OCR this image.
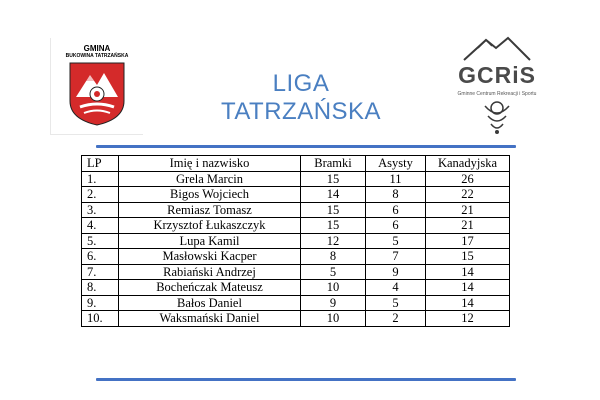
GMINA
BUKOWINA TATRZAŃSKA
LIGA TATRZAŃSKA
GCRiS
Gminne Centrum Rekreacji i Sportu
LP	Imię i nazwisko	Bramki	Asysty	Kanadyjska
1.	Grela Marcin	15	11	26
2.	Bigos Wojciech	14	8	22
3.	Remiasz Tomasz	15	6	21
4.	Krzysztof Łukaszczyk	15	6	21
5.	Lupa Kamil	12	5	17
6.	Masłowski Kacper	8	7	15
7.	Rabiański Andrzej	5	9	14
8.	Bocheńczak Mateusz	10	4	14
9.	Bałos Daniel	9	5	14
10.	Waksmański Daniel	10	2	12
